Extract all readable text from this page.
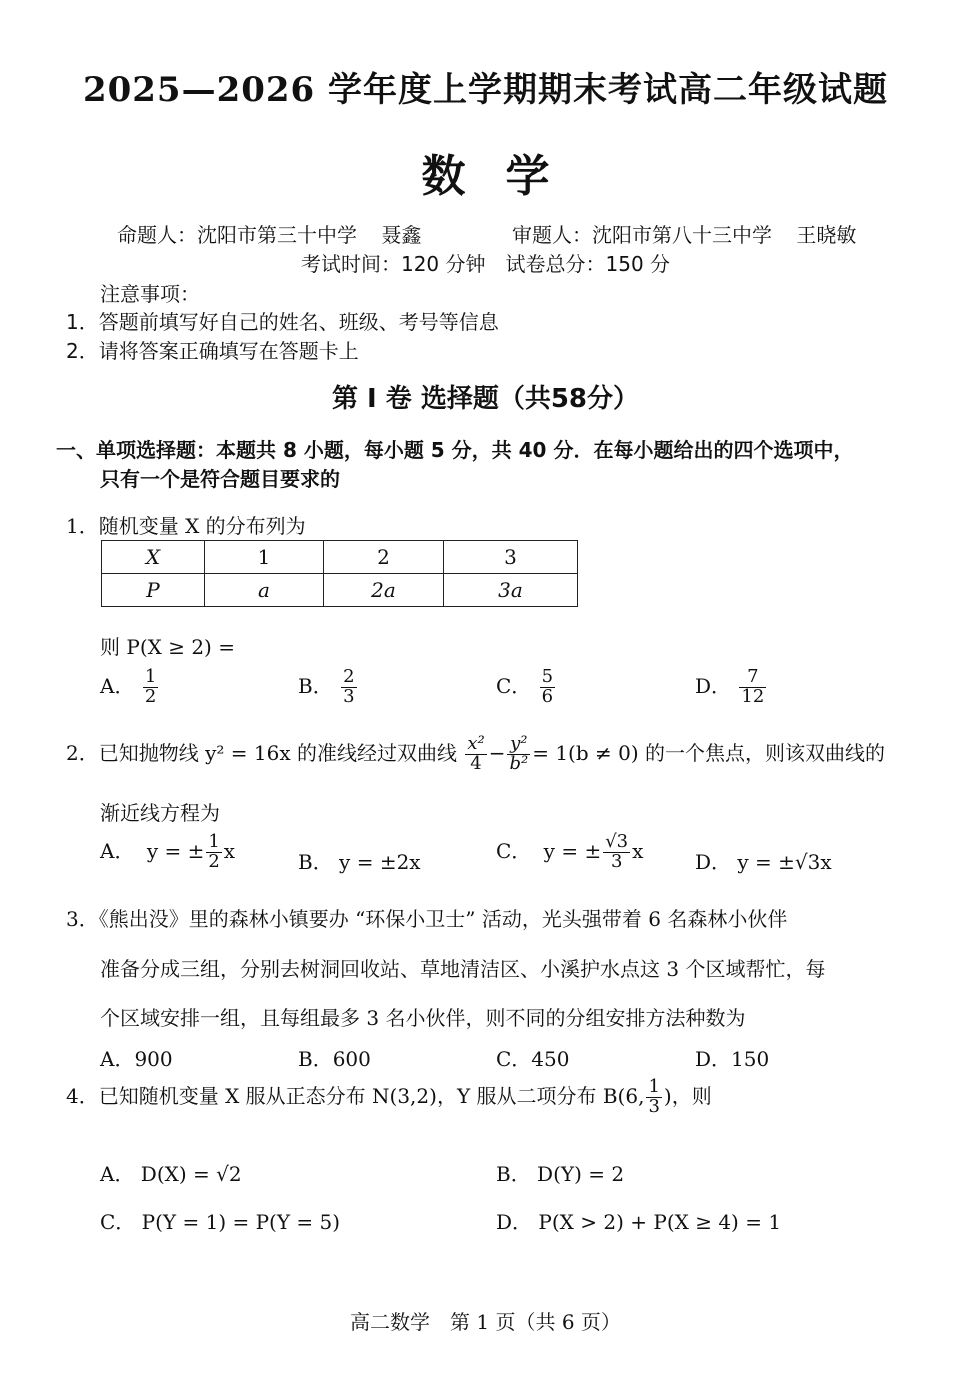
2025—2026 学年度上学期期末考试高二年级试题
数学
命题人：沈阳市第三十中学 聂鑫	审题人：沈阳市第八十三中学 王晓敏
考试时间：120 分钟　试卷总分：150 分
注意事项：
1．答题前填写好自己的姓名、班级、考号等信息
2．请将答案正确填写在答题卡上
第 I 卷 选择题（共58分）
一、单项选择题：本题共 8 小题，每小题 5 分，共 40 分．在每小题给出的四个选项中，
只有一个是符合题目要求的
1．随机变量 X 的分布列为
X	1	2	3
P	a	2a	3a
则 P(X ≥ 2) =
A． $\frac{1}{2}$	B． $\frac{2}{3}$	C． $\frac{5}{6}$	D． $\frac{7}{12}$
2．已知抛物线 y² = 16x 的准线经过双曲线 $\frac{\text{x²}}{4} - \frac{\text{y²}}{\text{b²}} = 1(b \ne 0)$ 的一个焦点，则该双曲线的
渐近线方程为
A． y = ± $\frac{1}{2}$ x	B． y = ±2x	C． y = ± $\frac{√3}{3}$ x	D． y = ±√3x
3．《熊出没》里的森林小镇要办 “环保小卫士” 活动，光头强带着 6 名森林小伙伴
准备分成三组，分别去树洞回收站、草地清洁区、小溪护水点这 3 个区域帮忙，每
个区域安排一组，且每组最多 3 名小伙伴，则不同的分组安排方法种数为
A．900	B．600	C．450	D．150
4．已知随机变量 X 服从正态分布 N(3,2)，Y 服从二项分布 B(6, $\frac{1}{3}$ )，则
A． D(X) = √2	B． D(Y) = 2
C． P(Y = 1) = P(Y = 5)	D． P(X > 2) + P(X ≥ 4) = 1
高二数学　第 1 页（共 6 页）
